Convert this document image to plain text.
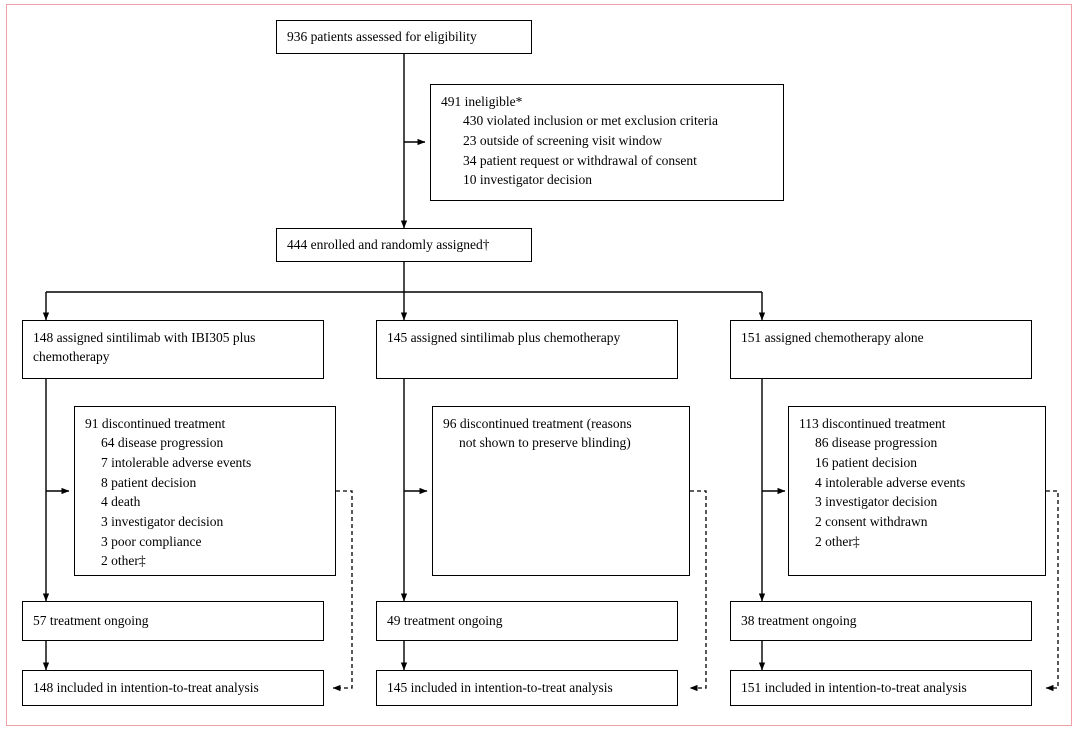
936 patients assessed for eligibility
491 ineligible*
430 violated inclusion or met exclusion criteria
23 outside of screening visit window
34 patient request or withdrawal of consent
10 investigator decision
444 enrolled and randomly assigned†
148 assigned sintilimab with IBI305 plus chemotherapy
145 assigned sintilimab plus chemotherapy	151 assigned chemotherapy alone
91 discontinued treatment
64 disease progression
7 intolerable adverse events
8 patient decision
4 death
3 investigator decision
3 poor compliance
2 other‡
96 discontinued treatment (reasons
not shown to preserve blinding)
113 discontinued treatment
86 disease progression
16 patient decision
4 intolerable adverse events
3 investigator decision
2 consent withdrawn
2 other‡
57 treatment ongoing	49 treatment ongoing	38 treatment ongoing
148 included in intention-to-treat analysis	145 included in intention-to-treat analysis	151 included in intention-to-treat analysis
